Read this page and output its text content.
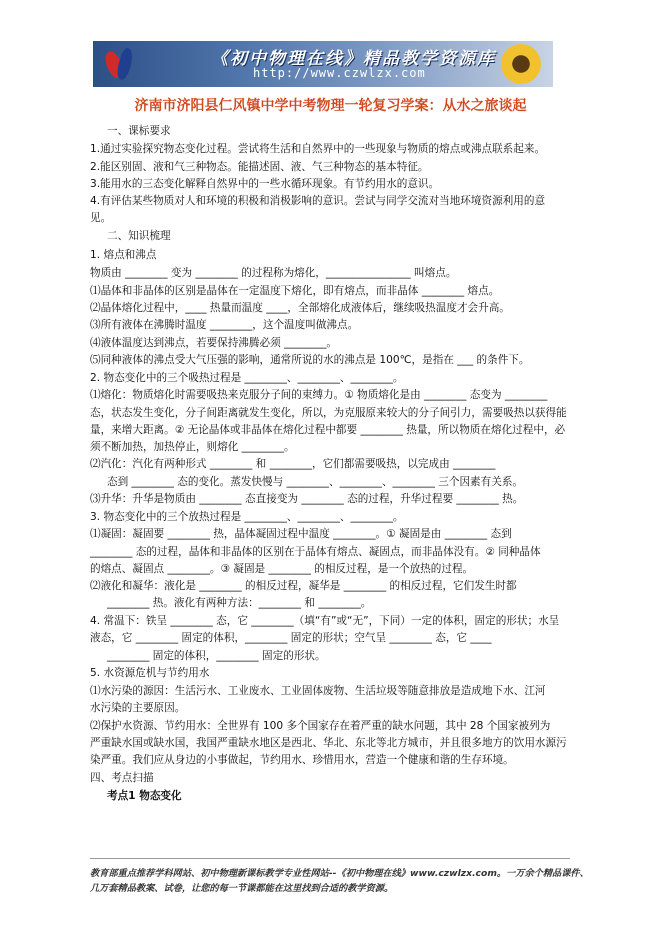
《初中物理在线》精品教学资源库
http://www.czwlzx.com
济南市济阳县仁风镇中学中考物理一轮复习学案：从水之旅谈起
一、课标要求
1.通过实验探究物态变化过程。尝试将生活和自然界中的一些现象与物质的熔点或沸点联系起来。
2.能区别固、液和气三种物态。能描述固、液、气三种物态的基本特征。
3.能用水的三态变化解释自然界中的一些水循环现象。有节约用水的意识。
4.有评估某些物质对人和环境的积极和消极影响的意识。尝试与同学交流对当地环境资源利用的意
见。
二、知识梳理
1. 熔点和沸点
物质由 ________ 变为 ________ 的过程称为熔化，________________ 叫熔点。
⑴晶体和非晶体的区别是晶体在一定温度下熔化，即有熔点，而非晶体 ________ 熔点。
⑵晶体熔化过程中，____ 热量而温度 ____，全部熔化成液体后，继续吸热温度才会升高。
⑶所有液体在沸腾时温度 ________，这个温度叫做沸点。
⑷液体温度达到沸点，若要保持沸腾必须 ________。
⑸同种液体的沸点受大气压强的影响，通常所说的水的沸点是 100℃，是指在 ___ 的条件下。
2. 物态变化中的三个吸热过程是 ________、________、________。
⑴熔化：物质熔化时需要吸热来克服分子间的束缚力。① 物质熔化是由 ________ 态变为 ________
态，状态发生变化，分子间距离就发生变化，所以，为克服原来较大的分子间引力，需要吸热以获得能
量，来增大距离。② 无论晶体或非晶体在熔化过程中都要 ________ 热量，所以物质在熔化过程中，必
须不断加热，加热停止，则熔化 ________。
⑵汽化：汽化有两种形式 ________ 和 ________，它们都需要吸热，以完成由 ________
态到 ________ 态的变化。蒸发快慢与 ________、________、________ 三个因素有关系。
⑶升华：升华是物质由 ________ 态直接变为 ________ 态的过程，升华过程要 ________ 热。
3. 物态变化中的三个放热过程是 ________、________、________。
⑴凝固：凝固要 ________ 热，晶体凝固过程中温度 ________。① 凝固是由 ________ 态到
________ 态的过程，晶体和非晶体的区别在于晶体有熔点、凝固点，而非晶体没有。② 同种晶体
的熔点、凝固点 ________。③ 凝固是 ________ 的相反过程，是一个放热的过程。
⑵液化和凝华：液化是 ________ 的相反过程，凝华是 ________ 的相反过程，它们发生时都
________ 热。液化有两种方法：________ 和 ________。
4. 常温下：铁呈 ________ 态，它 ________（填“有”或“无”，下同）一定的体积，固定的形状；水呈
液态，它 ________ 固定的体积，________ 固定的形状；空气呈 ________ 态，它 ____
________ 固定的体积，________ 固定的形状。
5. 水资源危机与节约用水
⑴水污染的源因：生活污水、工业废水、工业固体废物、生活垃圾等随意排放是造成地下水、江河
水污染的主要原因。
⑵保护水资源、节约用水：全世界有 100 多个国家存在着严重的缺水问题，其中 28 个国家被列为
严重缺水国或缺水国，我国严重缺水地区是西北、华北、东北等北方城市，并且很多地方的饮用水源污
染严重。我们应从身边的小事做起，节约用水、珍惜用水，营造一个健康和谐的生存环境。
四、考点扫描
考点1 物态变化
教育部重点推荐学科网站、初中物理新课标教学专业性网站--《初中物理在线》www.czwlzx.com。一万余个精品课件、
几万套精品教案、试卷，让您的每一节课都能在这里找到合适的教学资源。
